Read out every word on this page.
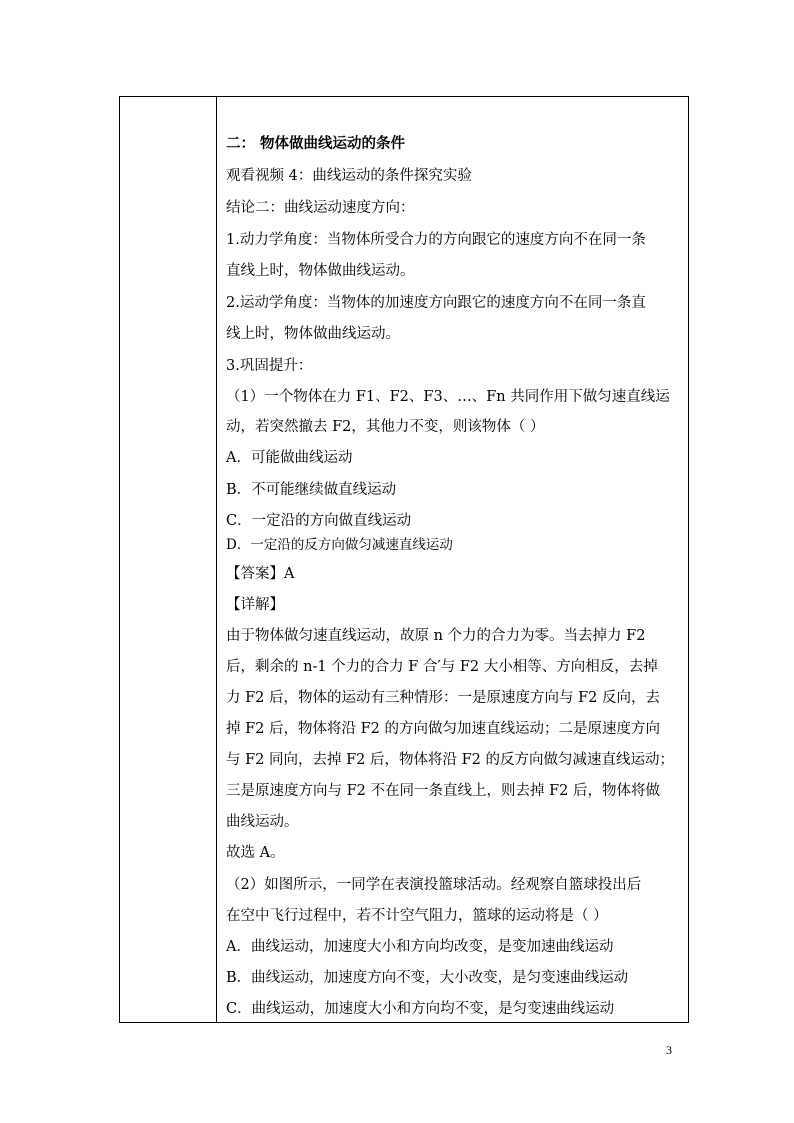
二： 物体做曲线运动的条件
观看视频 4：曲线运动的条件探究实验
结论二：曲线运动速度方向：
1.动力学角度：当物体所受合力的方向跟它的速度方向不在同一条
直线上时，物体做曲线运动。
2.运动学角度：当物体的加速度方向跟它的速度方向不在同一条直
线上时，物体做曲线运动。
3.巩固提升：
（1）一个物体在力 F1、F2、F3、…、Fn 共同作用下做匀速直线运
动，若突然撤去 F2，其他力不变，则该物体（ ）
A．可能做曲线运动
B．不可能继续做直线运动
C．一定沿的方向做直线运动
D．一定沿的反方向做匀减速直线运动
【答案】A
【详解】
由于物体做匀速直线运动，故原 n 个力的合力为零。当去掉力 F2
后，剩余的 n-1 个力的合力 F 合′与 F2 大小相等、方向相反，去掉
力 F2 后，物体的运动有三种情形：一是原速度方向与 F2 反向，去
掉 F2 后，物体将沿 F2 的方向做匀加速直线运动；二是原速度方向
与 F2 同向，去掉 F2 后，物体将沿 F2 的反方向做匀减速直线运动；
三是原速度方向与 F2 不在同一条直线上，则去掉 F2 后，物体将做
曲线运动。
故选 A。
（2）如图所示，一同学在表演投篮球活动。经观察自篮球投出后
在空中飞行过程中，若不计空气阻力，篮球的运动将是（ ）
A．曲线运动，加速度大小和方向均改变，是变加速曲线运动
B．曲线运动，加速度方向不变，大小改变，是匀变速曲线运动
C．曲线运动，加速度大小和方向均不变，是匀变速曲线运动
3
